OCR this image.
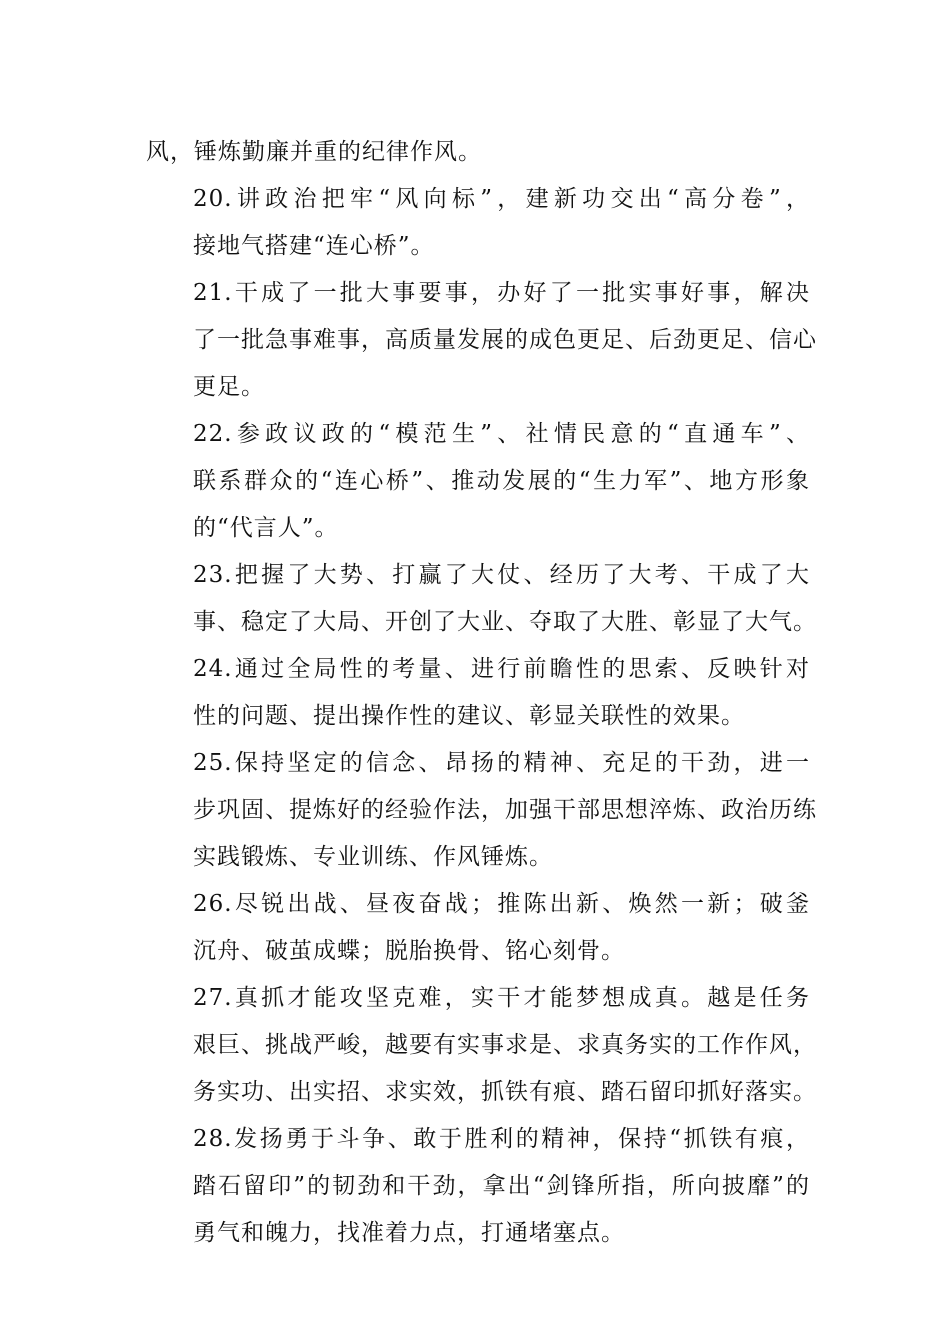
风，锤炼勤廉并重的纪律作风。

20.讲政治把牢“风向标”，建新功交出“高分卷”，
接地气搭建“连心桥”。

21.干成了一批大事要事，办好了一批实事好事，解决
了一批急事难事，高质量发展的成色更足、后劲更足、信心
更足。

22.参政议政的“模范生”、社情民意的“直通车”、
联系群众的“连心桥”、推动发展的“生力军”、地方形象
的“代言人”。

23.把握了大势、打赢了大仗、经历了大考、干成了大
事、稳定了大局、开创了大业、夺取了大胜、彰显了大气。

24.通过全局性的考量、进行前瞻性的思索、反映针对
性的问题、提出操作性的建议、彰显关联性的效果。

25.保持坚定的信念、昂扬的精神、充足的干劲，进一
步巩固、提炼好的经验作法，加强干部思想淬炼、政治历练
实践锻炼、专业训练、作风锤炼。

26.尽锐出战、昼夜奋战；推陈出新、焕然一新；破釜
沉舟、破茧成蝶；脱胎换骨、铭心刻骨。

27.真抓才能攻坚克难，实干才能梦想成真。越是任务
艰巨、挑战严峻，越要有实事求是、求真务实的工作作风，
务实功、出实招、求实效，抓铁有痕、踏石留印抓好落实。

28.发扬勇于斗争、敢于胜利的精神，保持“抓铁有痕，
踏石留印”的韧劲和干劲，拿出“剑锋所指，所向披靡”的
勇气和魄力，找准着力点，打通堵塞点。
